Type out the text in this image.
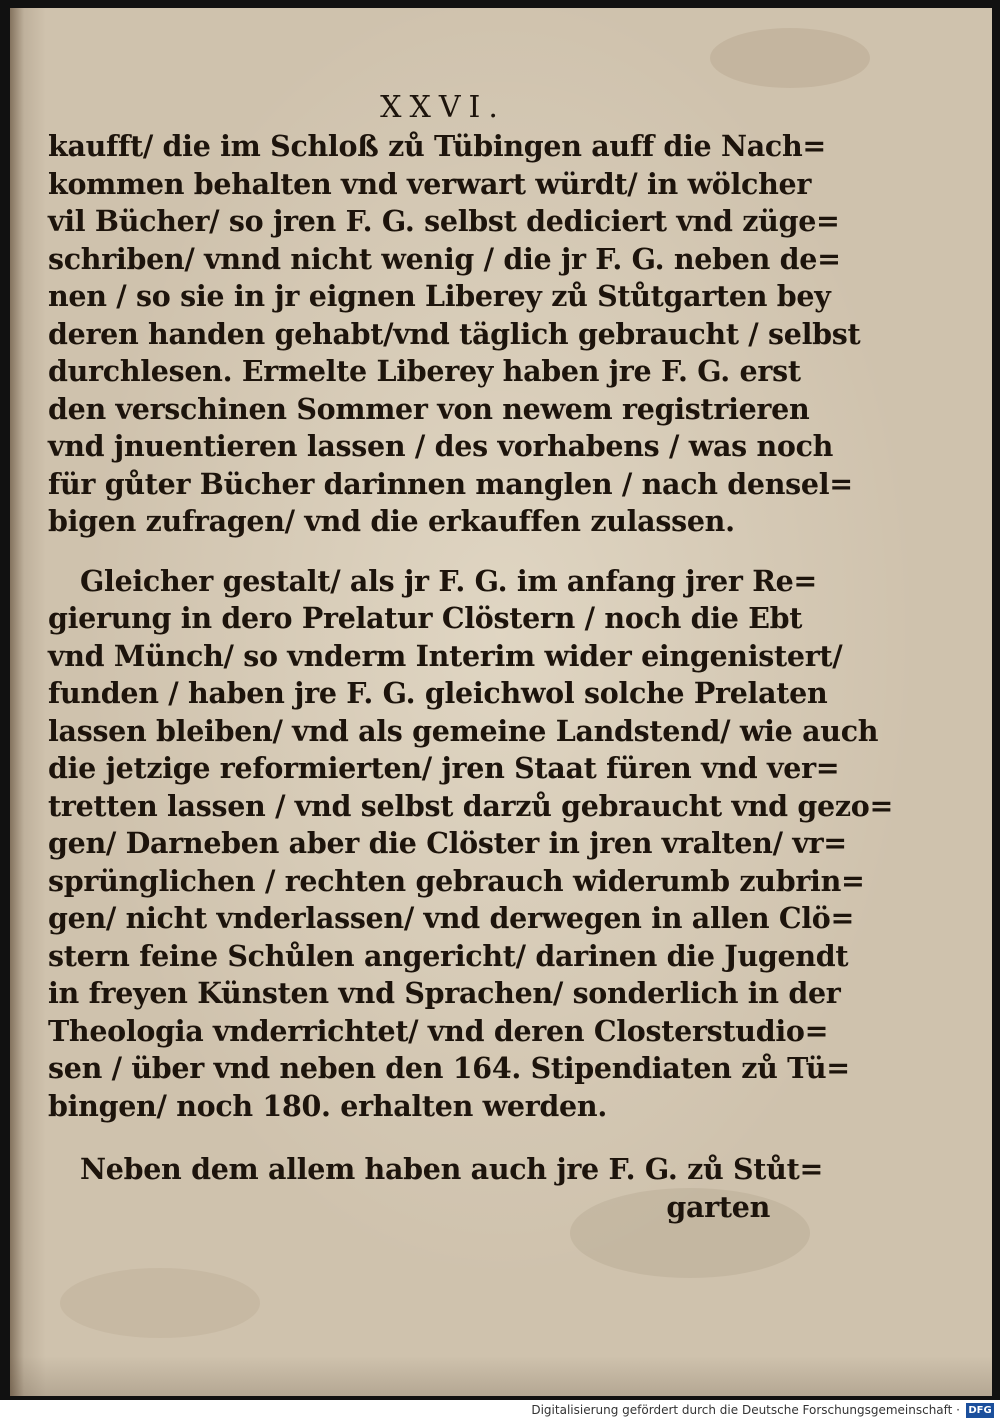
XXVI.
kaufft/ die im Schloß zů Tübingen auff die Nach=
kommen behalten vnd verwart würdt/ in wölcher
vil Bücher/ so jren F. G. selbst dediciert vnd züge=
schriben/ vnnd nicht wenig / die jr F. G. neben de=
nen / so sie in jr eignen Liberey zů Stůtgarten bey
deren handen gehabt/vnd täglich gebraucht / selbst
durchlesen. Ermelte Liberey haben jre F. G. erst
den verschinen Sommer von newem registrieren
vnd jnuentieren lassen / des vorhabens / was noch
für gůter Bücher darinnen manglen / nach densel=
bigen zufragen/ vnd die erkauffen zulassen.
Gleicher gestalt/ als jr F. G. im anfang jrer Re=
gierung in dero Prelatur Clöstern / noch die Ebt
vnd Münch/ so vnderm Interim wider eingenistert/
funden / haben jre F. G. gleichwol solche Prelaten
lassen bleiben/ vnd als gemeine Landstend/ wie auch
die jetzige reformierten/ jren Staat füren vnd ver=
tretten lassen / vnd selbst darzů gebraucht vnd gezo=
gen/ Darneben aber die Clöster in jren vralten/ vr=
sprünglichen / rechten gebrauch widerumb zubrin=
gen/ nicht vnderlassen/ vnd derwegen in allen Clö=
stern feine Schůlen angericht/ darinen die Jugendt
in freyen Künsten vnd Sprachen/ sonderlich in der
Theologia vnderrichtet/ vnd deren Closterstudio=
sen / über vnd neben den 164. Stipendiaten zů Tü=
bingen/ noch 180. erhalten werden.
Neben dem allem haben auch jre F. G. zů Stůt=
garten
Digitalisierung gefördert durch die Deutsche Forschungsgemeinschaft · DFG
